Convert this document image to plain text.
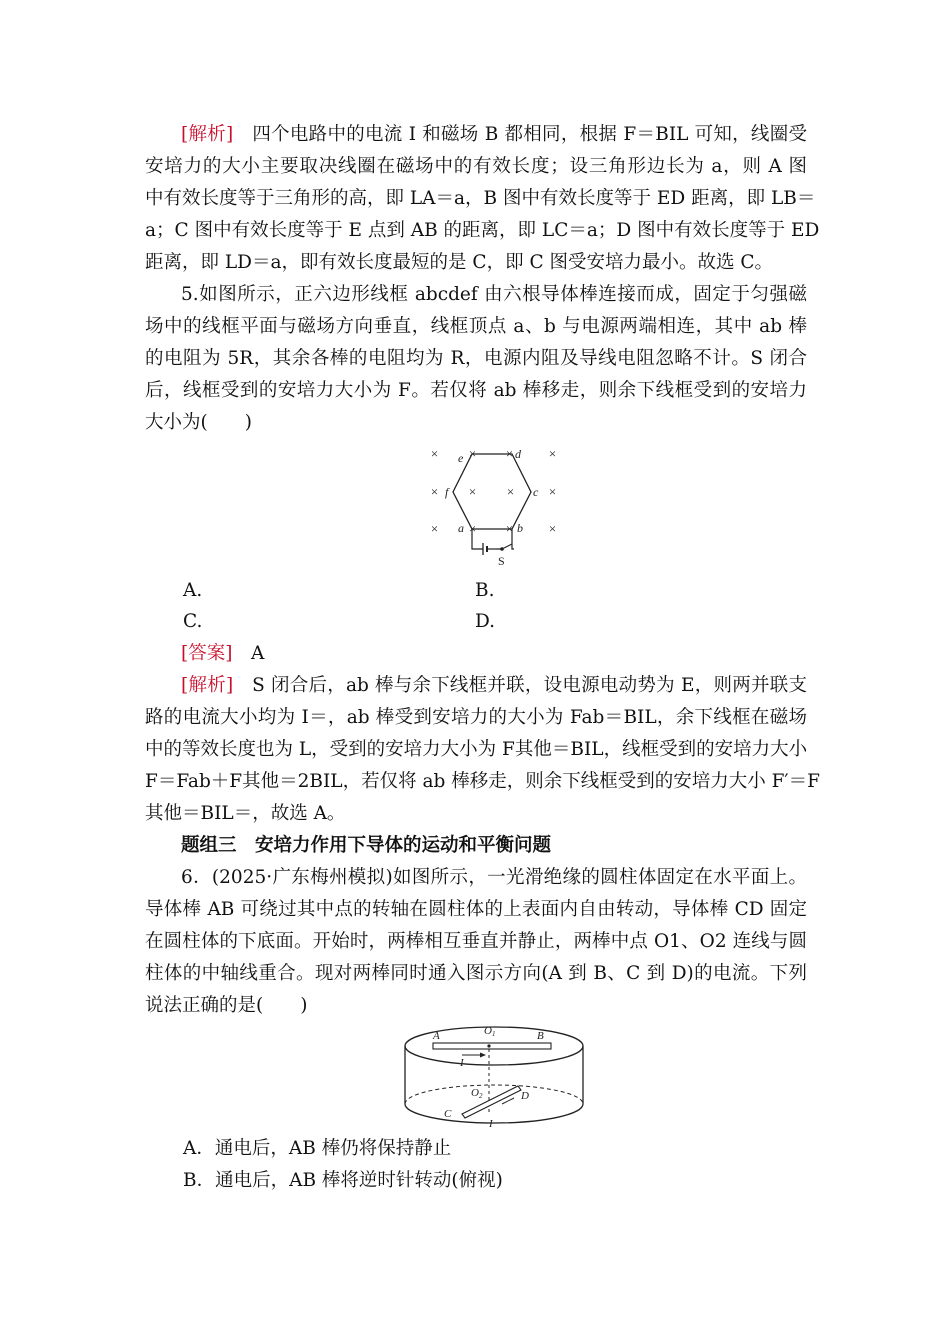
[解析]　 四个电路中的电流 I 和磁场 B 都相同，根据 F＝BIL 可知，线圈受
安培力的大小主要取决线圈在磁场中的有效长度；设三角形边长为 a，则 A 图
中有效长度等于三角形的高，即 LA＝a，B 图中有效长度等于 ED 距离，即 LB＝
a；C 图中有效长度等于 E 点到 AB 的距离，即 LC＝a；D 图中有效长度等于 ED
距离，即 LD＝a，即有效长度最短的是 C，即 C 图受安培力最小。故选 C。
5.如图所示，正六边形线框 abcdef 由六根导体棒连接而成，固定于匀强磁
场中的线框平面与磁场方向垂直，线框顶点 a、b 与电源两端相连，其中 ab 棒
的电阻为 5R，其余各棒的电阻均为 R，电源内阻及导线电阻忽略不计。S 闭合
后，线框受到的安培力大小为 F。若仅将 ab 棒移走，则余下线框受到的安培力
大小为(　　)
× × ×	×
× × ×	×
× × ×	×
e	d
c
f
a	b
S
A.	B.
C.	D.
[答案]　 A
[解析]　 S 闭合后，ab 棒与余下线框并联，设电源电动势为 E，则两并联支
路的电流大小均为 I＝，ab 棒受到安培力的大小为 Fab＝BIL，余下线框在磁场
中的等效长度也为 L，受到的安培力大小为 F其他＝BIL，线框受到的安培力大小
F＝Fab＋F其他＝2BIL，若仅将 ab 棒移走，则余下线框受到的安培力大小 F′＝F
其他＝BIL＝，故选 A。
题组三　安培力作用下导体的运动和平衡问题
6．(2025·广东梅州模拟)如图所示，一光滑绝缘的圆柱体固定在水平面上。
导体棒 AB 可绕过其中点的转轴在圆柱体的上表面内自由转动，导体棒 CD 固定
在圆柱体的下底面。开始时，两棒相互垂直并静止，两棒中点 O1、O2 连线与圆
柱体的中轴线重合。现对两棒同时通入图示方向(A 到 B、C 到 D)的电流。下列
说法正确的是(　　)
A	B
O1
I
O2
C
D
I
A．通电后，AB 棒仍将保持静止
B．通电后，AB 棒将逆时针转动(俯视)
